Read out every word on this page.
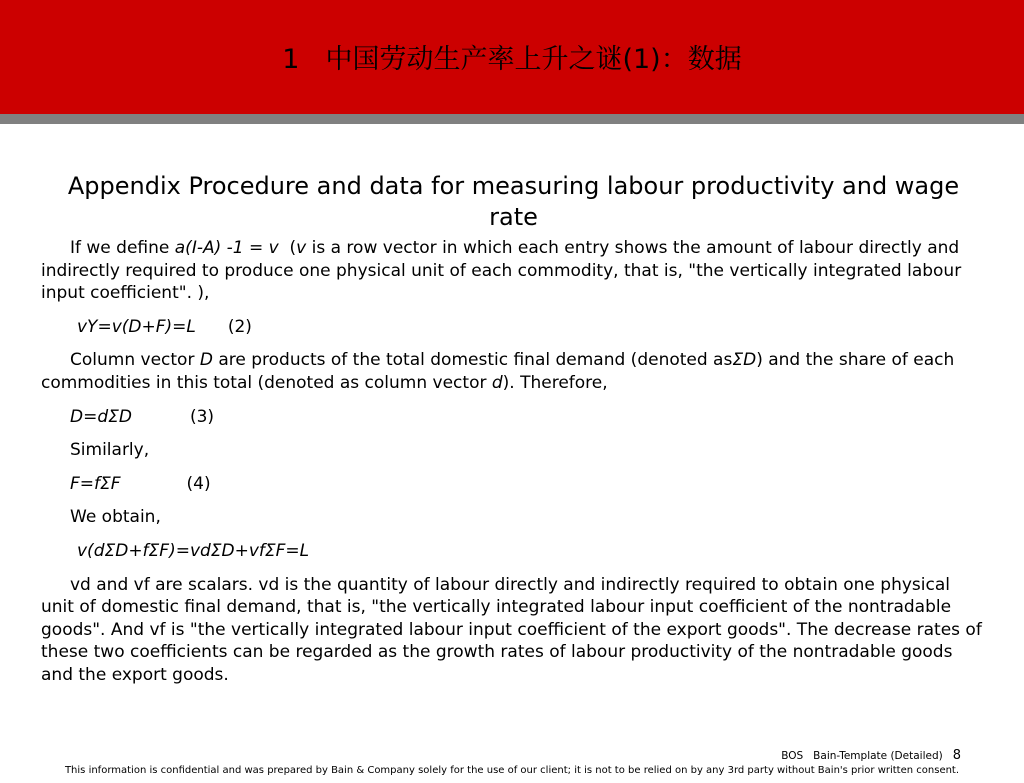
1 中国劳动生产率上升之谜(1)：数据
Appendix Procedure and data for measuring labour productivity and wage rate

If we define a(I-A) -1 = v  (v is a row vector in which each entry shows the amount of labour directly and indirectly required to produce one physical unit of each commodity, that is, "the vertically integrated labour input coefficient". ),

vY=v(D+F)=L (2)

Column vector D are products of the total domestic final demand (denoted asΣD) and the share of each commodities in this total (denoted as column vector d). Therefore,

D=dΣD	(3)

Similarly,

F=fΣF	(4)

We obtain,

v(dΣD+fΣF)=vdΣD+vfΣF=L

vd and vf are scalars. vd is the quantity of labour directly and indirectly required to obtain one physical unit of domestic final demand, that is, "the vertically integrated labour input coefficient of the nontradable goods". And vf is "the vertically integrated labour input coefficient of the export goods". The decrease rates of these two coefficients can be regarded as the growth rates of labour productivity of the nontradable goods and the export goods.

BOS   Bain-Template (Detailed) 8
This information is confidential and was prepared by Bain & Company solely for the use of our client; it is not to be relied on by any 3rd party without Bain's prior written consent.
